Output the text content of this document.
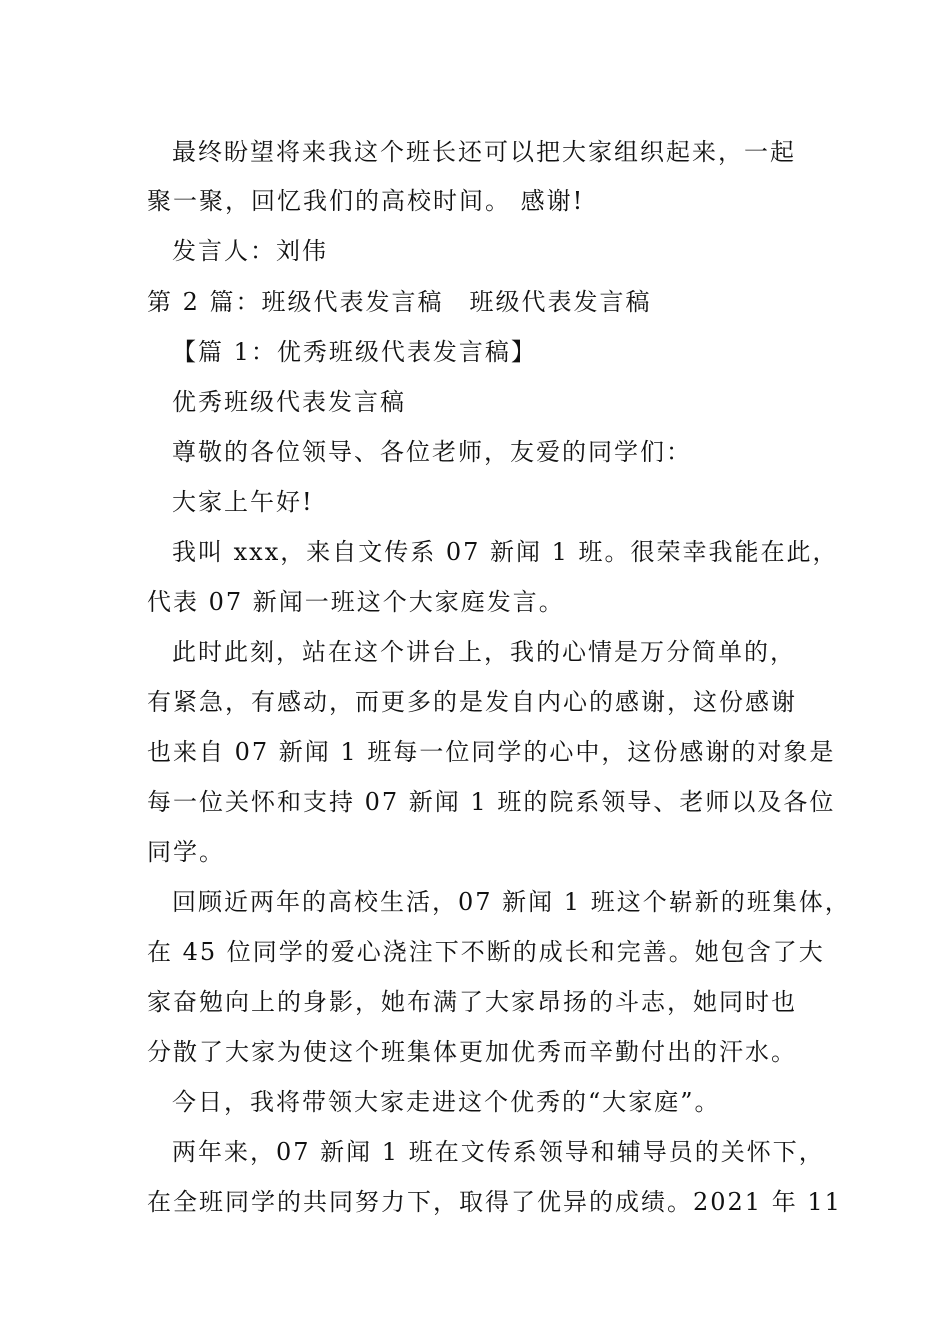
最终盼望将来我这个班长还可以把大家组织起来，一起
聚一聚，回忆我们的高校时间。 感谢!
发言人：刘伟
第 2 篇：班级代表发言稿　班级代表发言稿
【篇 1：优秀班级代表发言稿】
优秀班级代表发言稿
尊敬的各位领导、各位老师，友爱的同学们：
大家上午好!
我叫 xxx，来自文传系 07 新闻 1 班。很荣幸我能在此，
代表 07 新闻一班这个大家庭发言。
此时此刻，站在这个讲台上，我的心情是万分简单的，
有紧急，有感动，而更多的是发自内心的感谢，这份感谢
也来自 07 新闻 1 班每一位同学的心中，这份感谢的对象是
每一位关怀和支持 07 新闻 1 班的院系领导、老师以及各位
同学。
回顾近两年的高校生活，07 新闻 1 班这个崭新的班集体，
在 45 位同学的爱心浇注下不断的成长和完善。她包含了大
家奋勉向上的身影，她布满了大家昂扬的斗志，她同时也
分散了大家为使这个班集体更加优秀而辛勤付出的汗水。
今日，我将带领大家走进这个优秀的“大家庭”。
两年来，07 新闻 1 班在文传系领导和辅导员的关怀下，
在全班同学的共同努力下，取得了优异的成绩。2021 年 11
